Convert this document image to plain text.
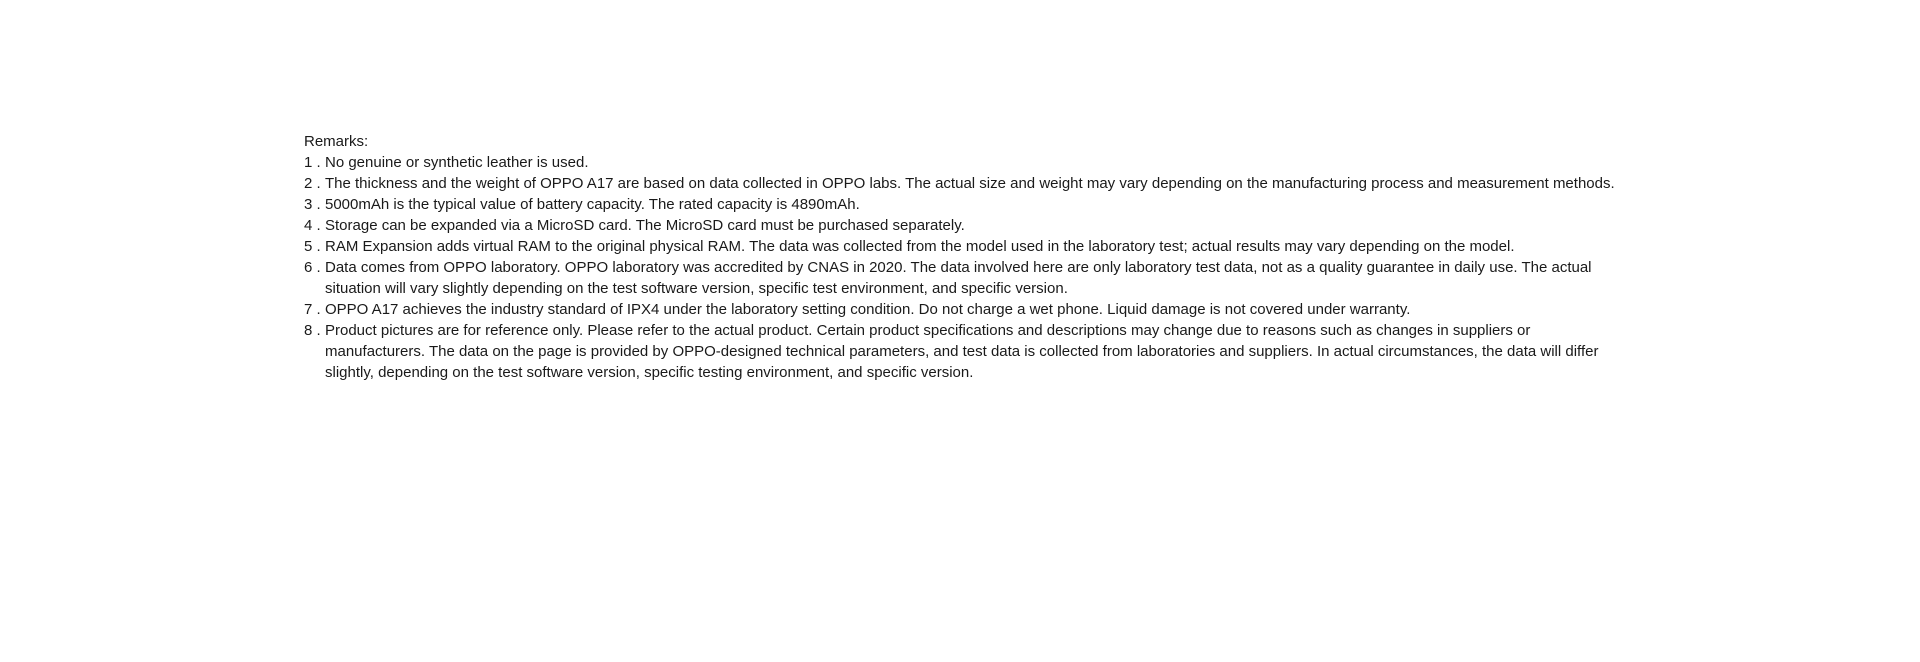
Remarks:

1 . No genuine or synthetic leather is used.
2 . The thickness and the weight of OPPO A17 are based on data collected in OPPO labs. The actual size and weight may vary depending on the manufacturing process and measurement methods.
3 . 5000mAh is the typical value of battery capacity. The rated capacity is 4890mAh.
4 . Storage can be expanded via a MicroSD card. The MicroSD card must be purchased separately.
5 . RAM Expansion adds virtual RAM to the original physical RAM. The data was collected from the model used in the laboratory test; actual results may vary depending on the model.
6 . Data comes from OPPO laboratory. OPPO laboratory was accredited by CNAS in 2020. The data involved here are only laboratory test data, not as a quality guarantee in daily use. The actual situation will vary slightly depending on the test software version, specific test environment, and specific version.
7 . OPPO A17 achieves the industry standard of IPX4 under the laboratory setting condition. Do not charge a wet phone. Liquid damage is not covered under warranty.
8 . Product pictures are for reference only. Please refer to the actual product. Certain product specifications and descriptions may change due to reasons such as changes in suppliers or manufacturers. The data on the page is provided by OPPO-designed technical parameters, and test data is collected from laboratories and suppliers. In actual circumstances, the data will differ slightly, depending on the test software version, specific testing environment, and specific version.
